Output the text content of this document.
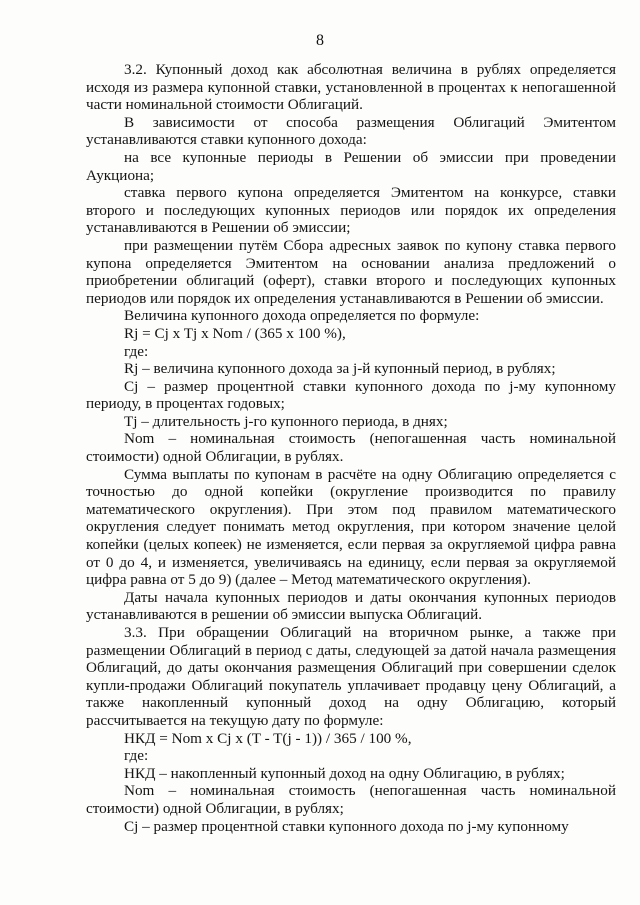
8

3.2. Купонный доход как абсолютная величина в рублях определяется исходя из размера купонной ставки, установленной в процентах к непогашенной части номинальной стоимости Облигаций.

В зависимости от способа размещения Облигаций Эмитентом устанавливаются ставки купонного дохода:

на все купонные периоды в Решении об эмиссии при проведении Аукциона;

ставка первого купона определяется Эмитентом на конкурсе, ставки второго и последующих купонных периодов или порядок их определения устанавливаются в Решении об эмиссии;

при размещении путём Сбора адресных заявок по купону ставка первого купона определяется Эмитентом на основании анализа предложений о приобретении облигаций (оферт), ставки второго и последующих купонных периодов или порядок их определения устанавливаются в Решении об эмиссии.

Величина купонного дохода определяется по формуле:

Rj = Cj x Tj x Nom / (365 x 100 %),

где:

Rj – величина купонного дохода за j-й купонный период, в рублях;

Cj – размер процентной ставки купонного дохода по j-му купонному периоду, в процентах годовых;

Tj – длительность j-го купонного периода, в днях;

Nom – номинальная стоимость (непогашенная часть номинальной стоимости) одной Облигации, в рублях.

Сумма выплаты по купонам в расчёте на одну Облигацию определяется с точностью до одной копейки (округление производится по правилу математического округления). При этом под правилом математического округления следует понимать метод округления, при котором значение целой копейки (целых копеек) не изменяется, если первая за округляемой цифра равна от 0 до 4, и изменяется, увеличиваясь на единицу, если первая за округляемой цифра равна от 5 до 9) (далее – Метод математического округления).

Даты начала купонных периодов и даты окончания купонных периодов устанавливаются в решении об эмиссии выпуска Облигаций.

3.3. При обращении Облигаций на вторичном рынке, а также при размещении Облигаций в период с даты, следующей за датой начала размещения Облигаций, до даты окончания размещения Облигаций при совершении сделок купли-продажи Облигаций покупатель уплачивает продавцу цену Облигаций, а также накопленный купонный доход на одну Облигацию, который рассчитывается на текущую дату по формуле:

НКД = Nom x Cj x (T - T(j - 1)) / 365 / 100 %,

где:

НКД – накопленный купонный доход на одну Облигацию, в рублях;

Nom – номинальная стоимость (непогашенная часть номинальной стоимости) одной Облигации, в рублях;

Cj – размер процентной ставки купонного дохода по j-му купонному
